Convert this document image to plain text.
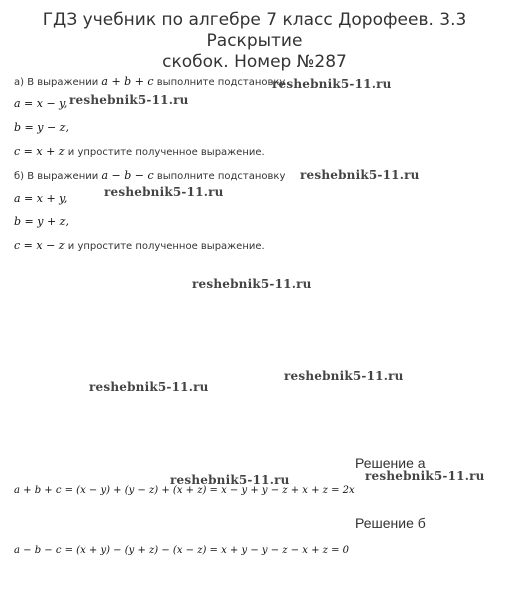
ГДЗ учебник по алгебре 7 класс Дорофеев. 3.3 Раскрытие
скобок. Номер №287
а) В выражении a + b + c выполните подстановку
a = x − y,
b = y − z,
c = x + z и упростите полученное выражение.
б) В выражении a − b − c выполните подстановку
a = x + y,
b = y + z,
c = x − z и упростите полученное выражение.
reshebnik5-11.ru
reshebnik5-11.ru
reshebnik5-11.ru
reshebnik5-11.ru
reshebnik5-11.ru
reshebnik5-11.ru
reshebnik5-11.ru
reshebnik5-11.ru	reshebnik5-11.ru
Решение а
a + b + c = (x − y) + (y − z) + (x + z) = x − y + y − z + x + z = 2x
Решение б
a − b − c = (x + y) − (y + z) − (x − z) = x + y − y − z − x + z = 0
